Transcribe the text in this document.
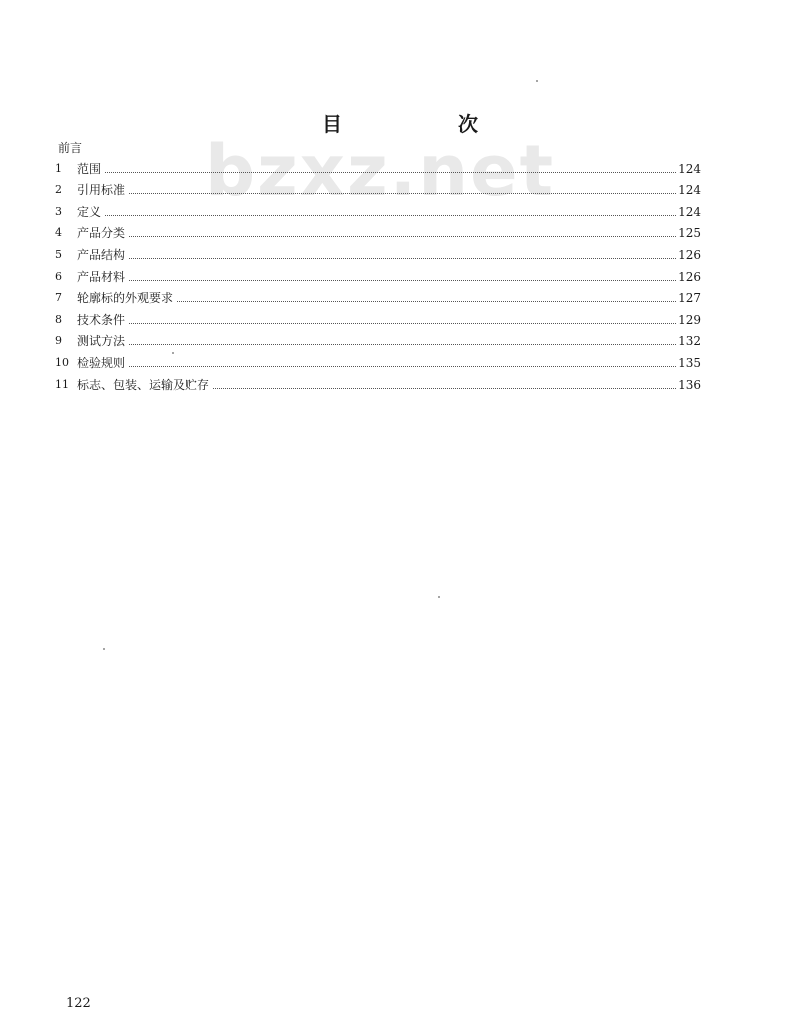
bzxz.net
目　次
前言
1	范围	124
2	引用标准	124
3	定义	124
4	产品分类	125
5	产品结构	126
6	产品材料	126
7	轮廓标的外观要求	127
8	技术条件	129
9	测试方法	132
10 检验规则	135
11 标志、包装、运输及贮存	136
122
